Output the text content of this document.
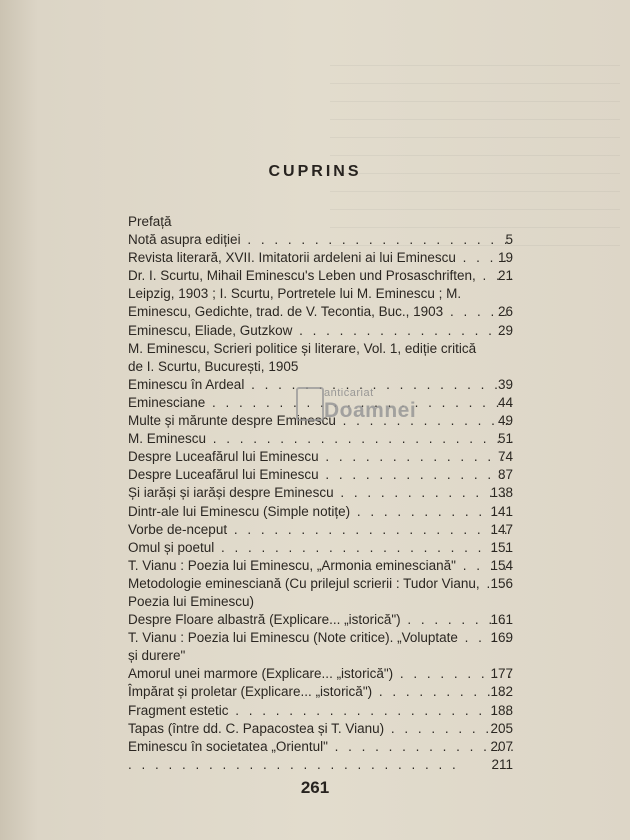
CUPRINS
Prefață
Notă asupra ediției . .	5
Revista literară, XVII. Imitatorii ardeleni ai lui Eminescu . .	19
Dr. I. Scurtu, Mihail Eminescu's Leben und Prosaschriften, . .	21
Leipzig, 1903 ; I. Scurtu, Portretele lui M. Eminescu ; M.
Eminescu, Gedichte, trad. de V. Tecontia, Buc., 1903 . .	26
Eminescu, Eliade, Gutzkow . .	29
M. Eminescu, Scrieri politice și literare, Vol. 1, ediție critică
de I. Scurtu, București, 1905
Eminescu în Ardeal . .	39
Eminesciane . .	44
Multe și mărunte despre Eminescu . .	49
M. Eminescu . .	51
Despre Luceafărul lui Eminescu . .	74
Despre Luceafărul lui Eminescu . .	87
Și iarăși și iarăși despre Eminescu . .	138
Dintr-ale lui Eminescu (Simple notițe) . .	141
Vorbe de-nceput . .	147
Omul și poetul . .	151
T. Vianu : Poezia lui Eminescu, „Armonia eminesciană" . .	154
Metodologie eminesciană (Cu prilejul scrierii : Tudor Vianu, . . 156
Poezia lui Eminescu)
Despre Floare albastră (Explicare... „istorică") . .	161
T. Vianu : Poezia lui Eminescu (Note critice). „Voluptate . .	169
și durere"
Amorul unei marmore (Explicare... „istorică") . .	177
Împărat și proletar (Explicare... „istorică") . .	182
Fragment estetic . .	188
Tapas (între dd. C. Papacostea și T. Vianu) . .	205
Eminescu în societatea „Orientul" . .	207
. .
211
anticariat
Doamnei
261
